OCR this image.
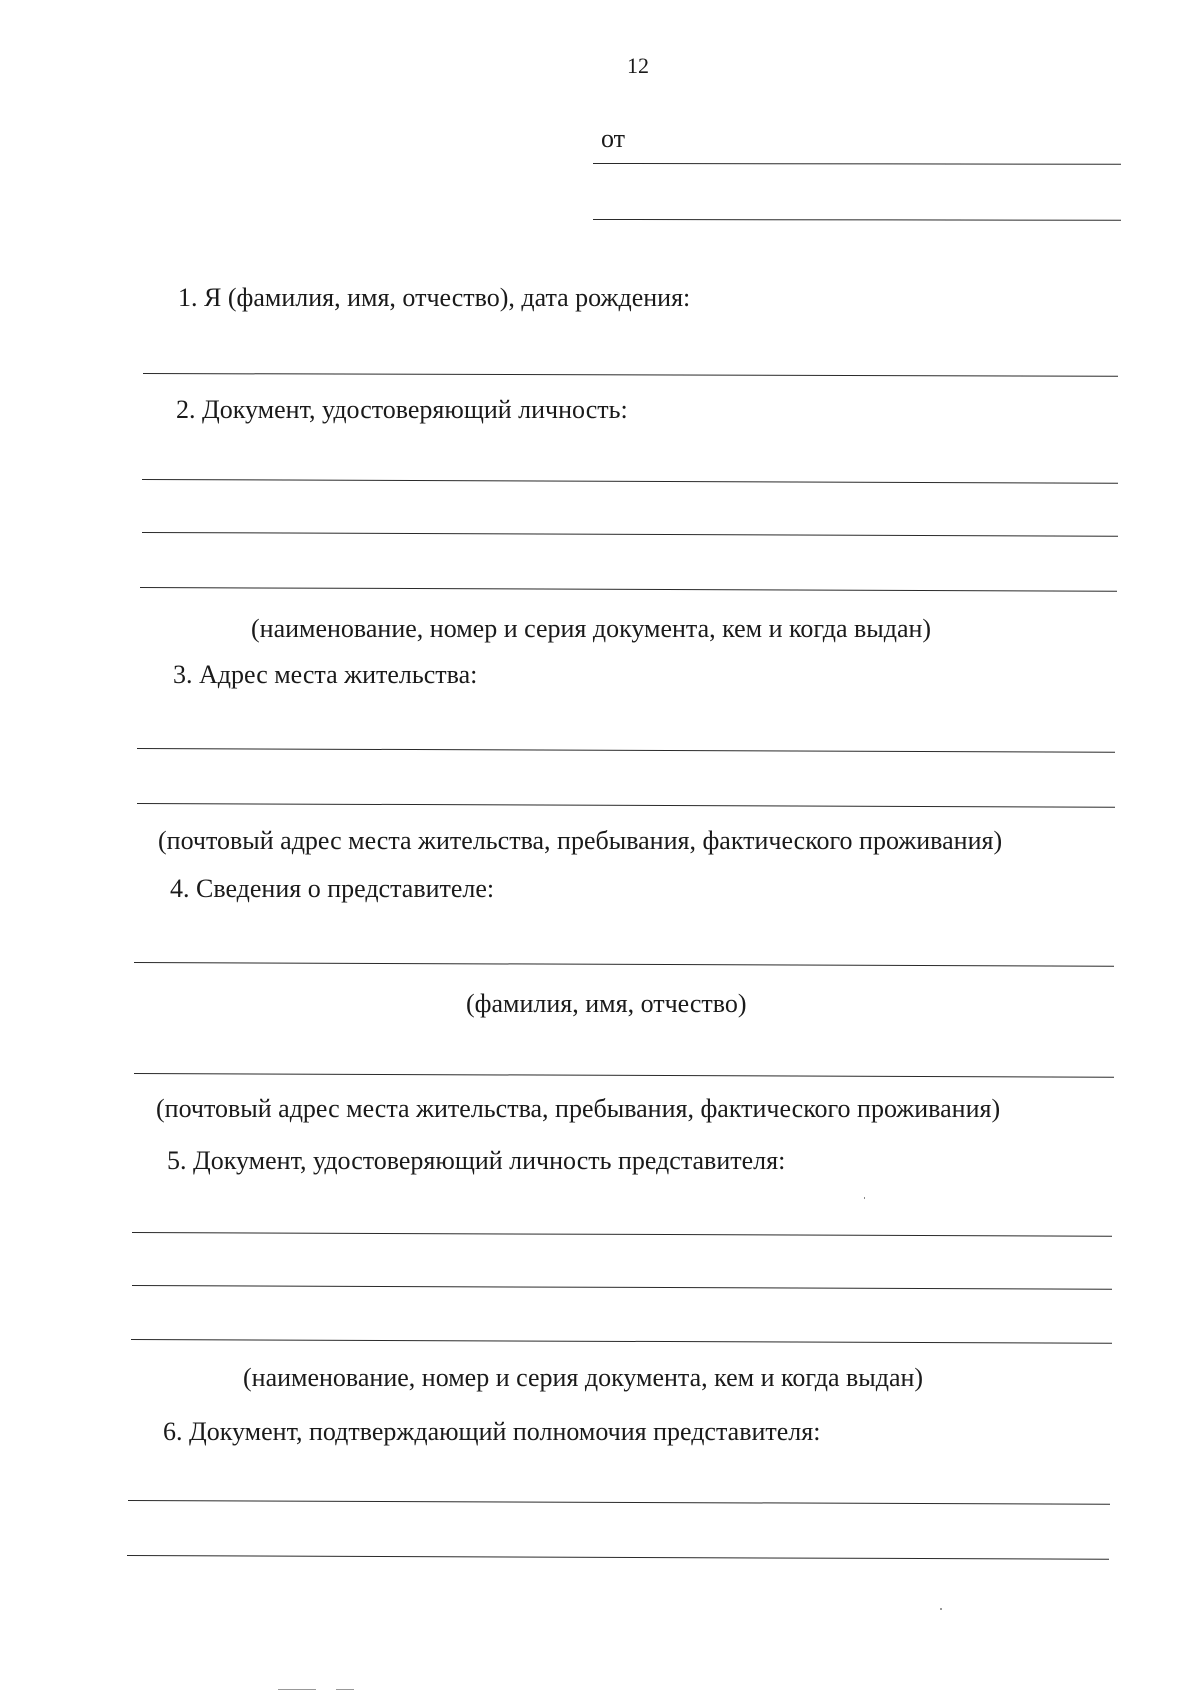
12
от
1. Я (фамилия, имя, отчество), дата рождения:
2. Документ, удостоверяющий личность:
(наименование, номер и серия документа, кем и когда выдан)
3. Адрес места жительства:
(почтовый адрес места жительства, пребывания, фактического проживания)
4. Сведения о представителе:
(фамилия, имя, отчество)
(почтовый адрес места жительства, пребывания, фактического проживания)
5. Документ, удостоверяющий личность представителя:
(наименование, номер и серия документа, кем и когда выдан)
6. Документ, подтверждающий полномочия представителя:
